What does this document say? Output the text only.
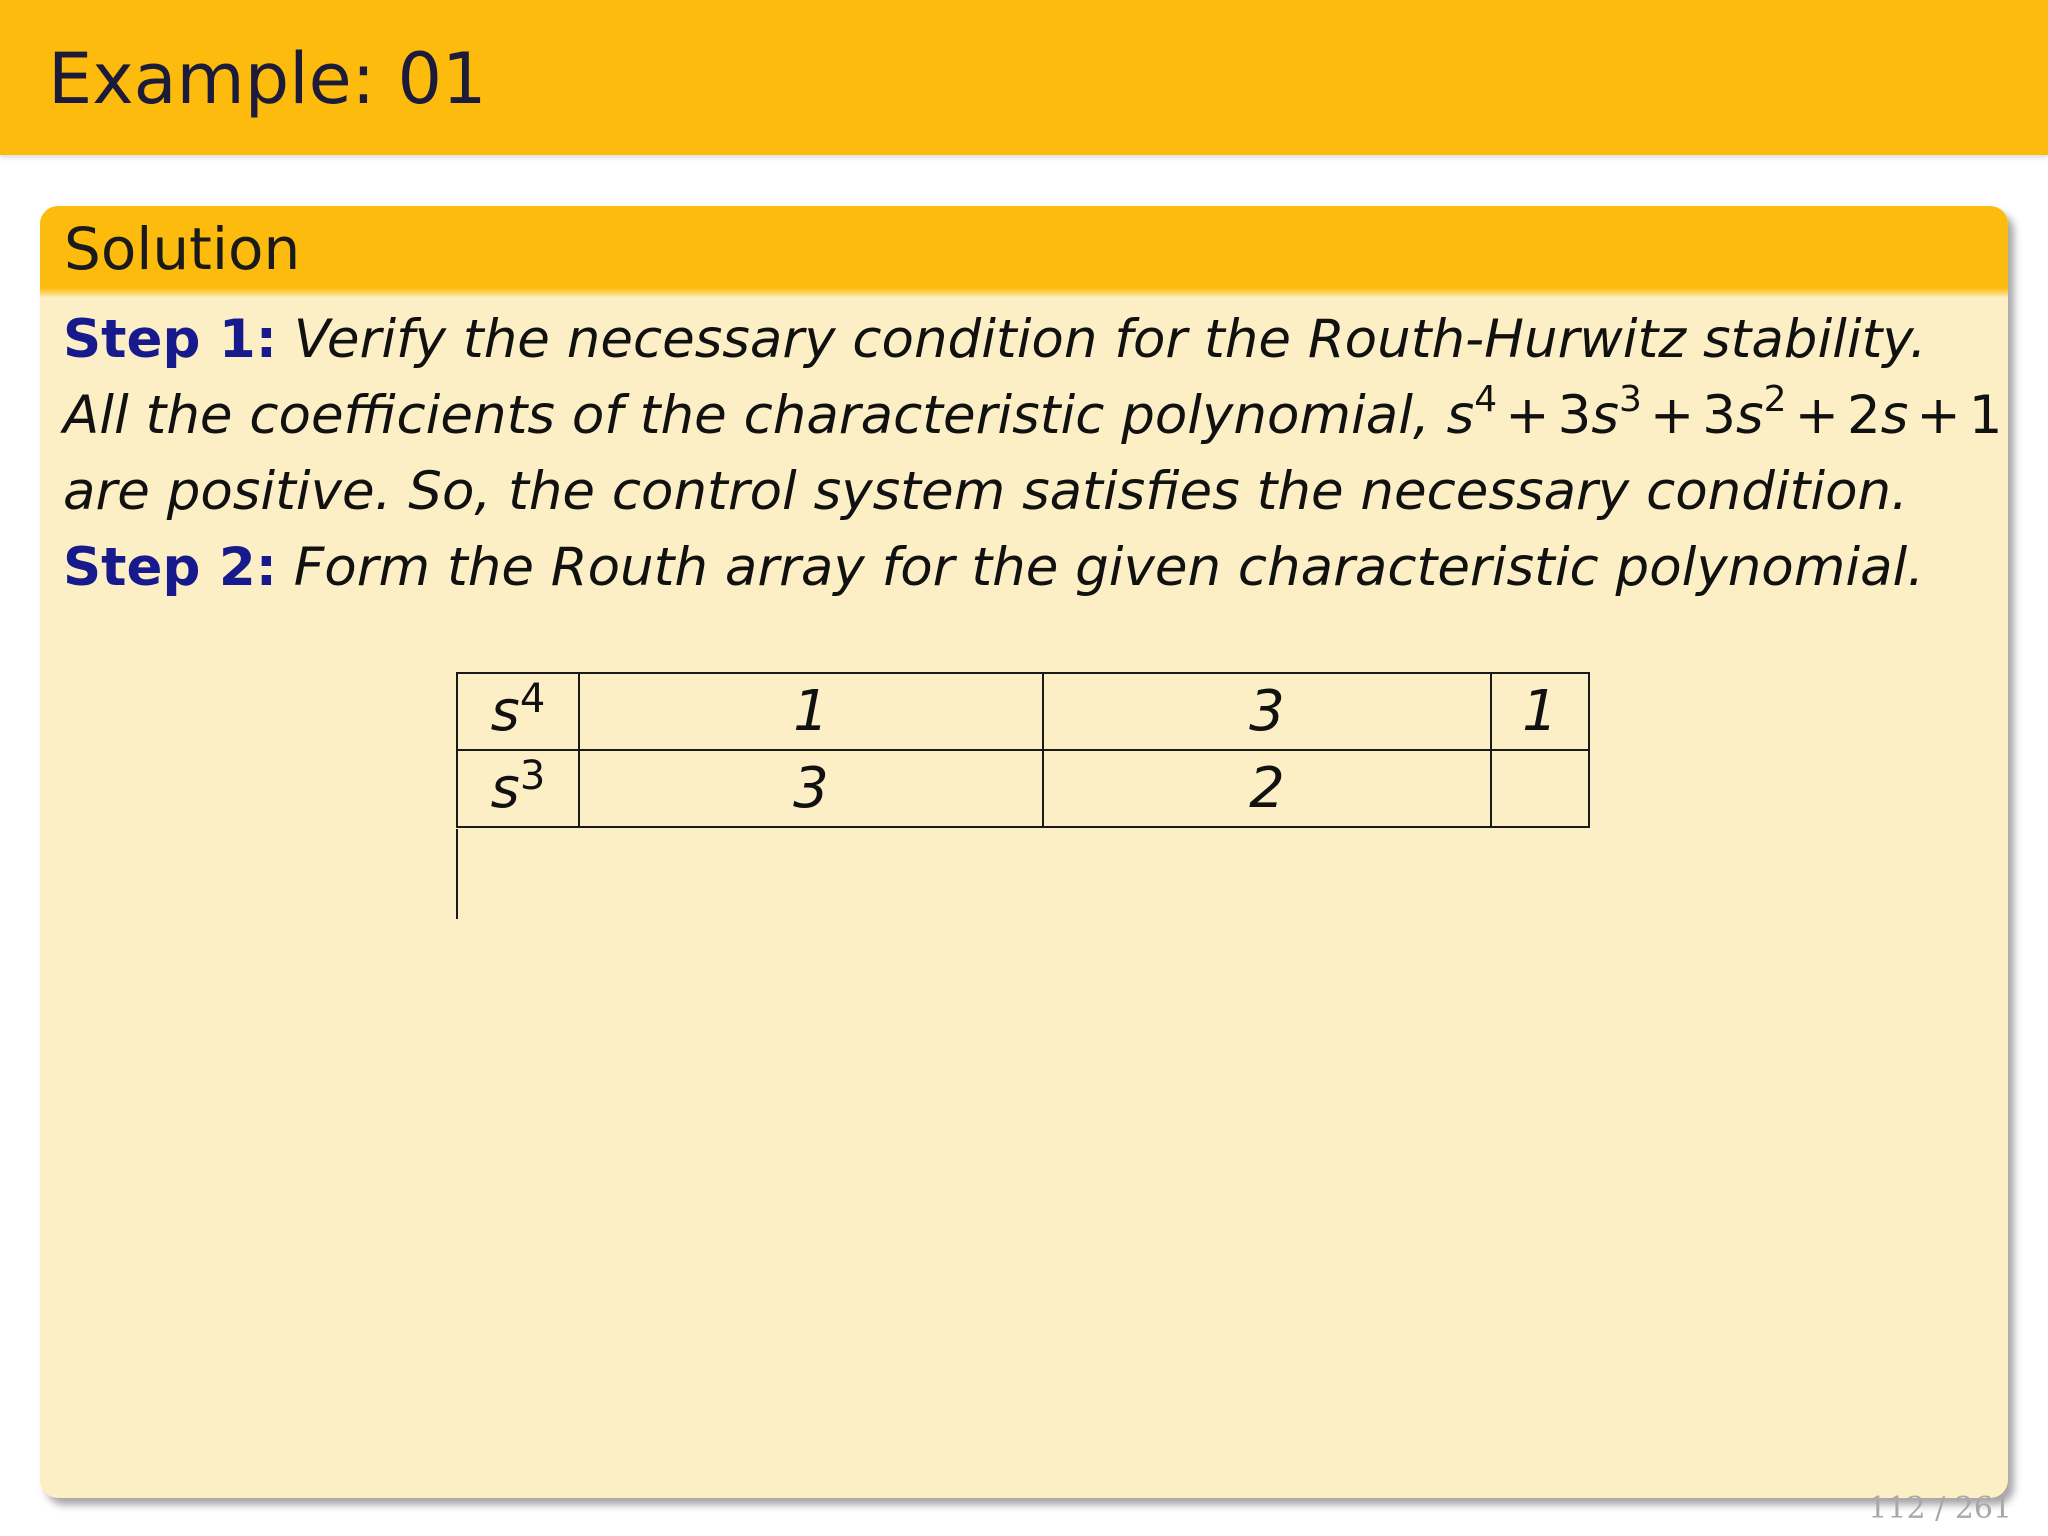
Example: 01
Solution
Step 1: Verify the necessary condition for the Routh-Hurwitz stability.
All the coefficients of the characteristic polynomial, $s^4 + 3s^3 + 3s^2 + 2s + 1$
are positive. So, the control system satisfies the necessary condition.
Step 2: Form the Routh array for the given characteristic polynomial.
$s^4$	1	3	1
$s^3$	3	2	
112 / 261
